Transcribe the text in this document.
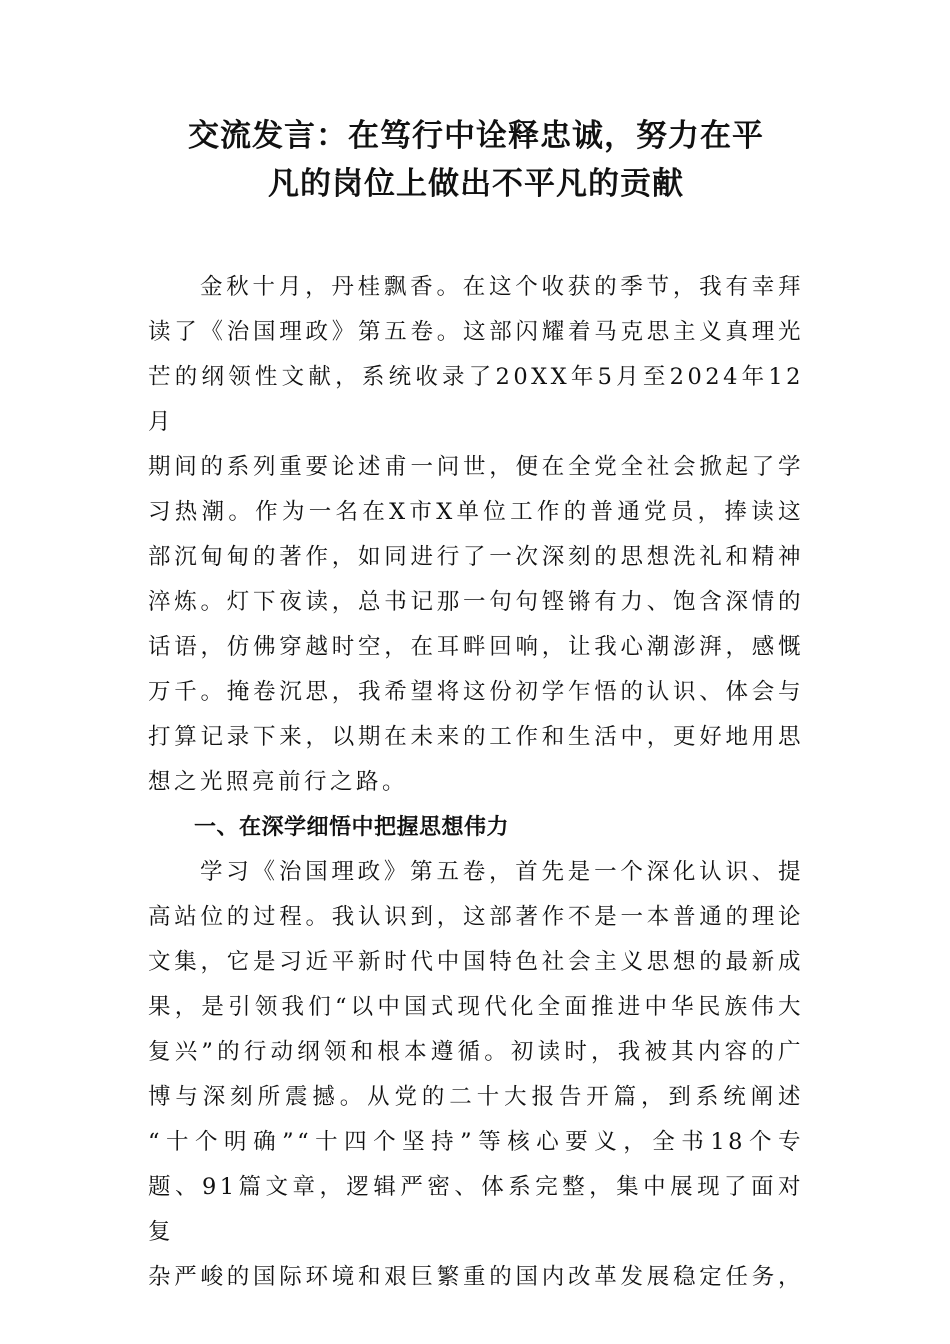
交流发言：在笃行中诠释忠诚，努力在平
凡的岗位上做出不平凡的贡献
金秋十月，丹桂飘香。在这个收获的季节，我有幸拜
读了《治国理政》第五卷。这部闪耀着马克思主义真理光
芒的纲领性文献，系统收录了20XX年5月至2024年12月
期间的系列重要论述甫一问世，便在全党全社会掀起了学
习热潮。作为一名在X市X单位工作的普通党员，捧读这
部沉甸甸的著作，如同进行了一次深刻的思想洗礼和精神
淬炼。灯下夜读，总书记那一句句铿锵有力、饱含深情的
话语，仿佛穿越时空，在耳畔回响，让我心潮澎湃，感慨
万千。掩卷沉思，我希望将这份初学乍悟的认识、体会与
打算记录下来，以期在未来的工作和生活中，更好地用思
想之光照亮前行之路。
一、在深学细悟中把握思想伟力
学习《治国理政》第五卷，首先是一个深化认识、提
高站位的过程。我认识到，这部著作不是一本普通的理论
文集，它是习近平新时代中国特色社会主义思想的最新成
果，是引领我们“以中国式现代化全面推进中华民族伟大
复兴”的行动纲领和根本遵循。初读时，我被其内容的广
博与深刻所震撼。从党的二十大报告开篇，到系统阐述
“十个明确”“十四个坚持”等核心要义，全书18个专
题、91篇文章，逻辑严密、体系完整，集中展现了面对复
杂严峻的国际环境和艰巨繁重的国内改革发展稳定任务，
